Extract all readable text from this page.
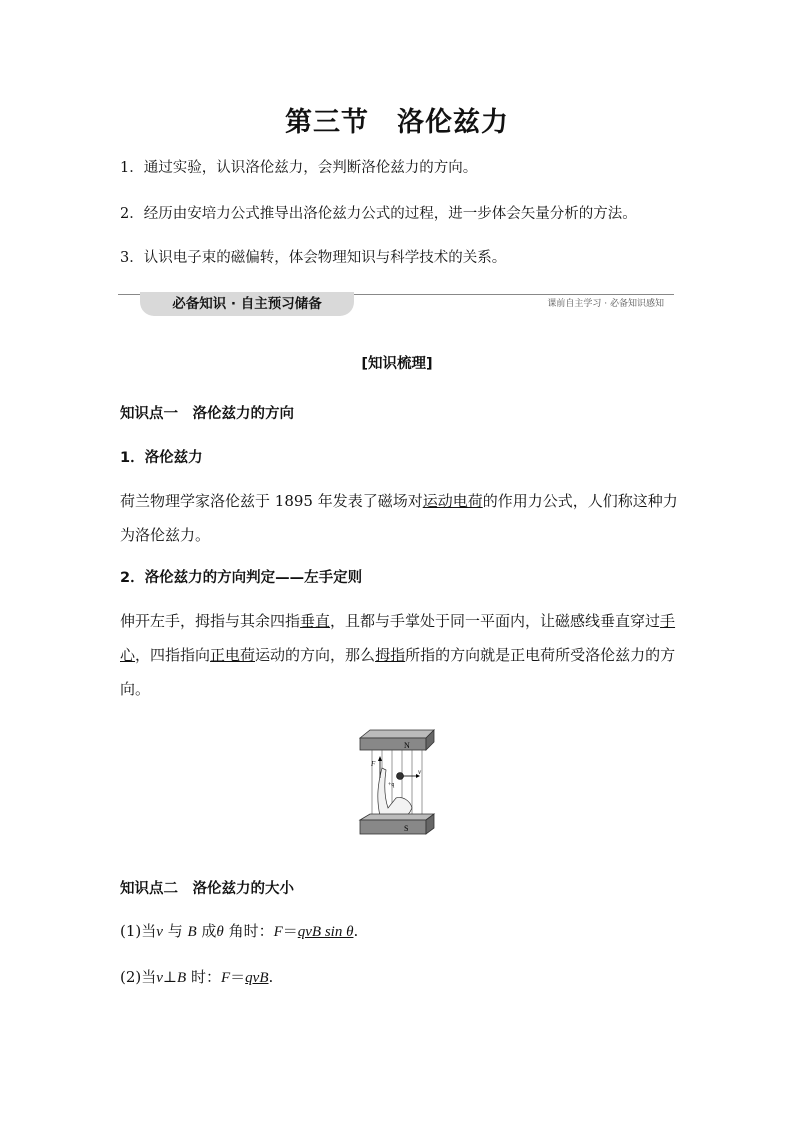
第三节　洛伦兹力
1．通过实验，认识洛伦兹力，会判断洛伦兹力的方向。
2．经历由安培力公式推导出洛伦兹力公式的过程，进一步体会矢量分析的方法。
3．认识电子束的磁偏转，体会物理知识与科学技术的关系。
必备知识 · 自主预习储备	课前自主学习 · 必备知识感知
[知识梳理]
知识点一　洛伦兹力的方向
1．洛伦兹力
荷兰物理学家洛伦兹于 1895 年发表了磁场对运动电荷的作用力公式，人们称这种力为洛伦兹力。
2．洛伦兹力的方向判定——左手定则
伸开左手，拇指与其余四指垂直，且都与手掌处于同一平面内，让磁感线垂直穿过手心，四指指向正电荷运动的方向，那么拇指所指的方向就是正电荷所受洛伦兹力的方向。
N
v
F
+q
S
知识点二　洛伦兹力的大小
(1)当v 与 B 成θ 角时：F＝qvB sin θ.
(2)当v⊥B 时：F＝qvB.
